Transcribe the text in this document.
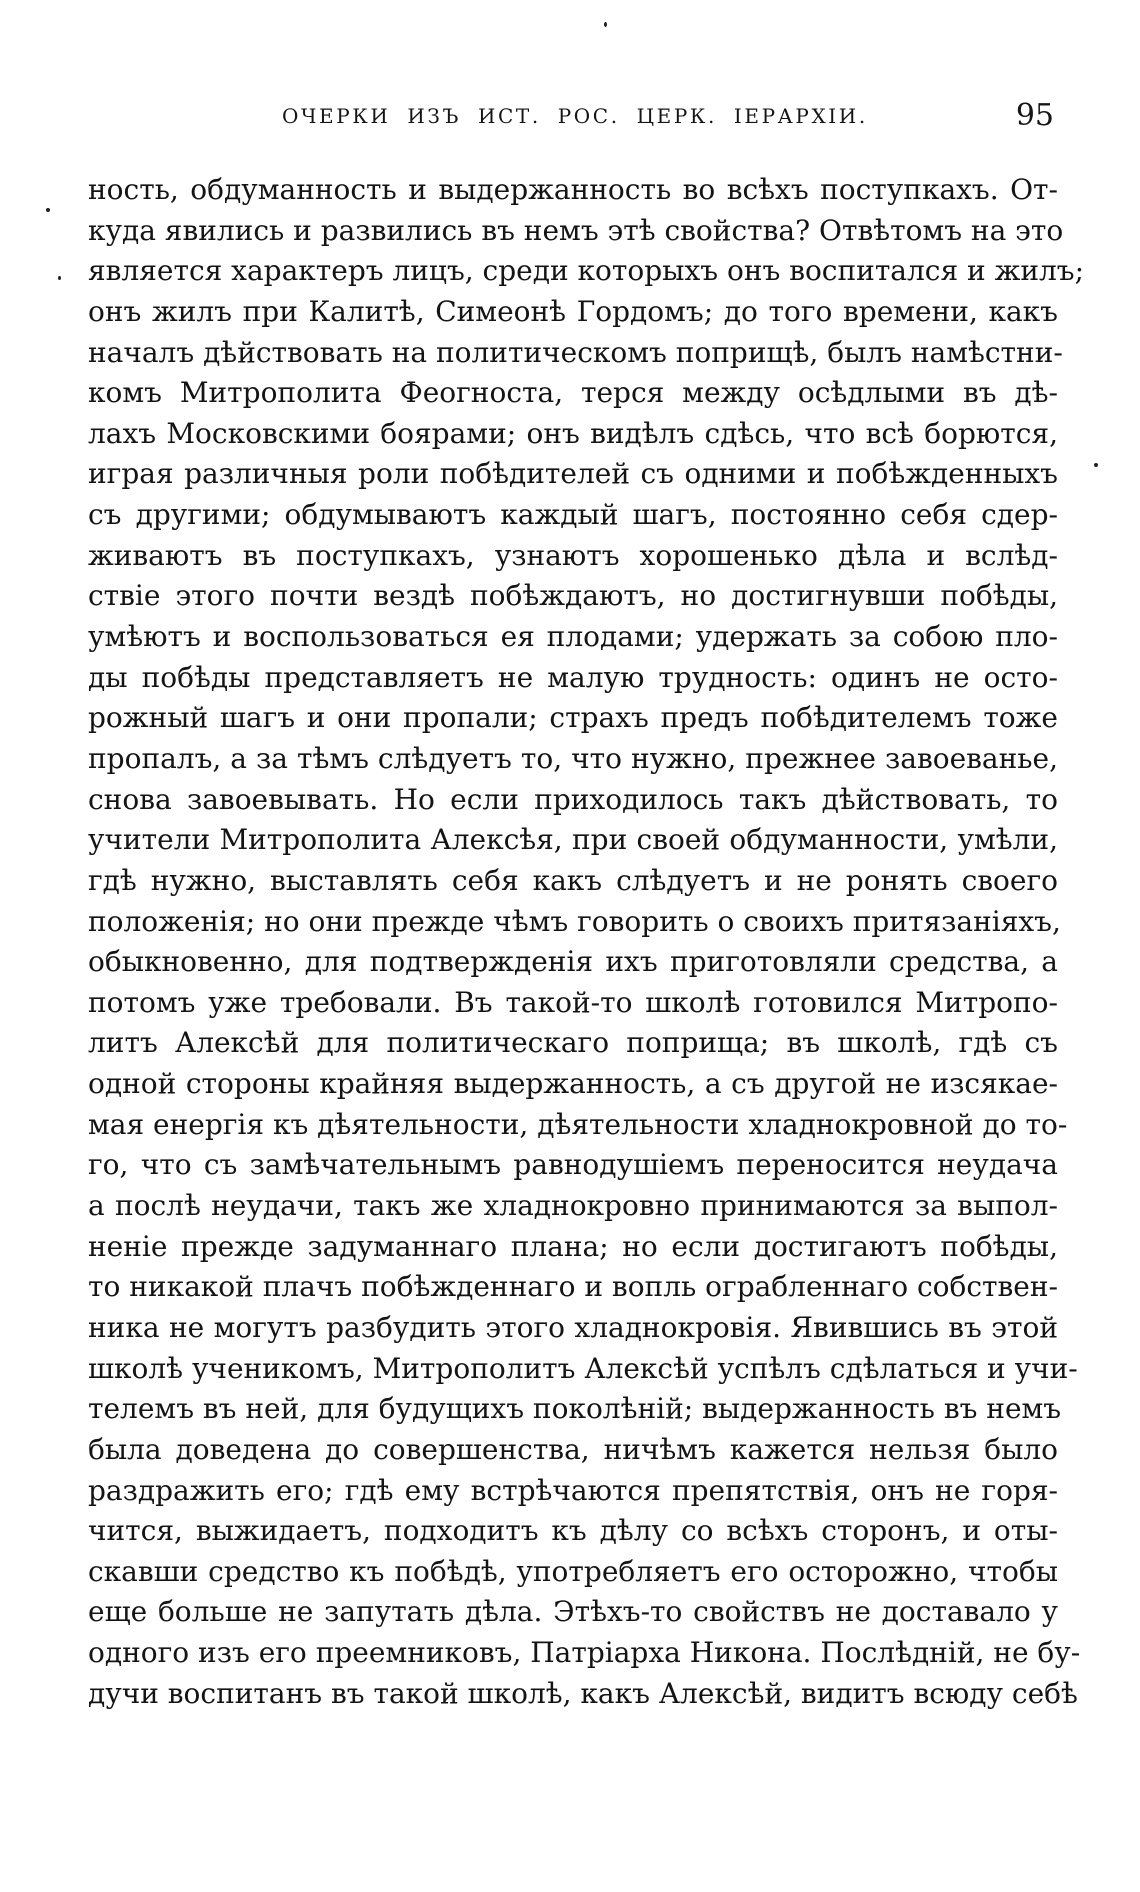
ОЧЕРКИ ИЗЪ ИСТ. РОС. ЦЕРК. IЕРАРХIИ.	95
ность, обдуманность и выдержанность во всѣхъ поступкахъ. От-
куда явились и развились въ немъ этѣ свойства? Отвѣтомъ на это
является характеръ лицъ, среди которыхъ онъ воспитался и жилъ;
онъ жилъ при Калитѣ, Симеонѣ Гордомъ; до того времени, какъ
началъ дѣйствовать на политическомъ поприщѣ, былъ намѣстни-
комъ Митрополита Феогноста, терся между осѣдлыми въ дѣ-
лахъ Московскими боярами; онъ видѣлъ сдѣсь, что всѣ борются,
играя различныя роли побѣдителей съ одними и побѣжденныхъ
съ другими; обдумываютъ каждый шагъ, постоянно себя сдер-
живаютъ въ поступкахъ, узнаютъ хорошенько дѣла и вслѣд-
ствіе этого почти вездѣ побѣждаютъ, но достигнувши побѣды,
умѣютъ и воспользоваться ея плодами; удержать за собою пло-
ды побѣды представляетъ не малую трудность: одинъ не осто-
рожный шагъ и они пропали; страхъ предъ побѣдителемъ тоже
пропалъ, а за тѣмъ слѣдуетъ то, что нужно, прежнее завоеванье,
снова завоевывать. Но если приходилось такъ дѣйствовать, то
учители Митрополита Алексѣя, при своей обдуманности, умѣли,
гдѣ нужно, выставлять себя какъ слѣдуетъ и не ронять своего
положенія; но они прежде чѣмъ говорить о своихъ притязаніяхъ,
обыкновенно, для подтвержденія ихъ приготовляли средства, а
потомъ уже требовали. Въ такой-то школѣ готовился Митропо-
литъ Алексѣй для политическаго поприща; въ школѣ, гдѣ съ
одной стороны крайняя выдержанность, а съ другой не изсякае-
мая енергія къ дѣятельности, дѣятельности хладнокровной до то-
го, что съ замѣчательнымъ равнодушіемъ переносится неудача
а послѣ неудачи, такъ же хладнокровно принимаются за выпол-
неніе прежде задуманнаго плана; но если достигаютъ побѣды,
то никакой плачъ побѣжденнаго и вопль ограбленнаго собствен-
ника не могутъ разбудить этого хладнокровія. Явившись въ этой
школѣ ученикомъ, Митрополитъ Алексѣй успѣлъ сдѣлаться и учи-
телемъ въ ней, для будущихъ поколѣній; выдержанность въ немъ
была доведена до совершенства, ничѣмъ кажется нельзя было
раздражить его; гдѣ ему встрѣчаются препятствія, онъ не горя-
чится, выжидаетъ, подходитъ къ дѣлу со всѣхъ сторонъ, и оты-
скавши средство къ побѣдѣ, употребляетъ его осторожно, чтобы
еще больше не запутать дѣла. Этѣхъ-то свойствъ не доставало у
одного изъ его преемниковъ, Патріарха Никона. Послѣдній, не бу-
дучи воспитанъ въ такой школѣ, какъ Алексѣй, видитъ всюду себѣ
